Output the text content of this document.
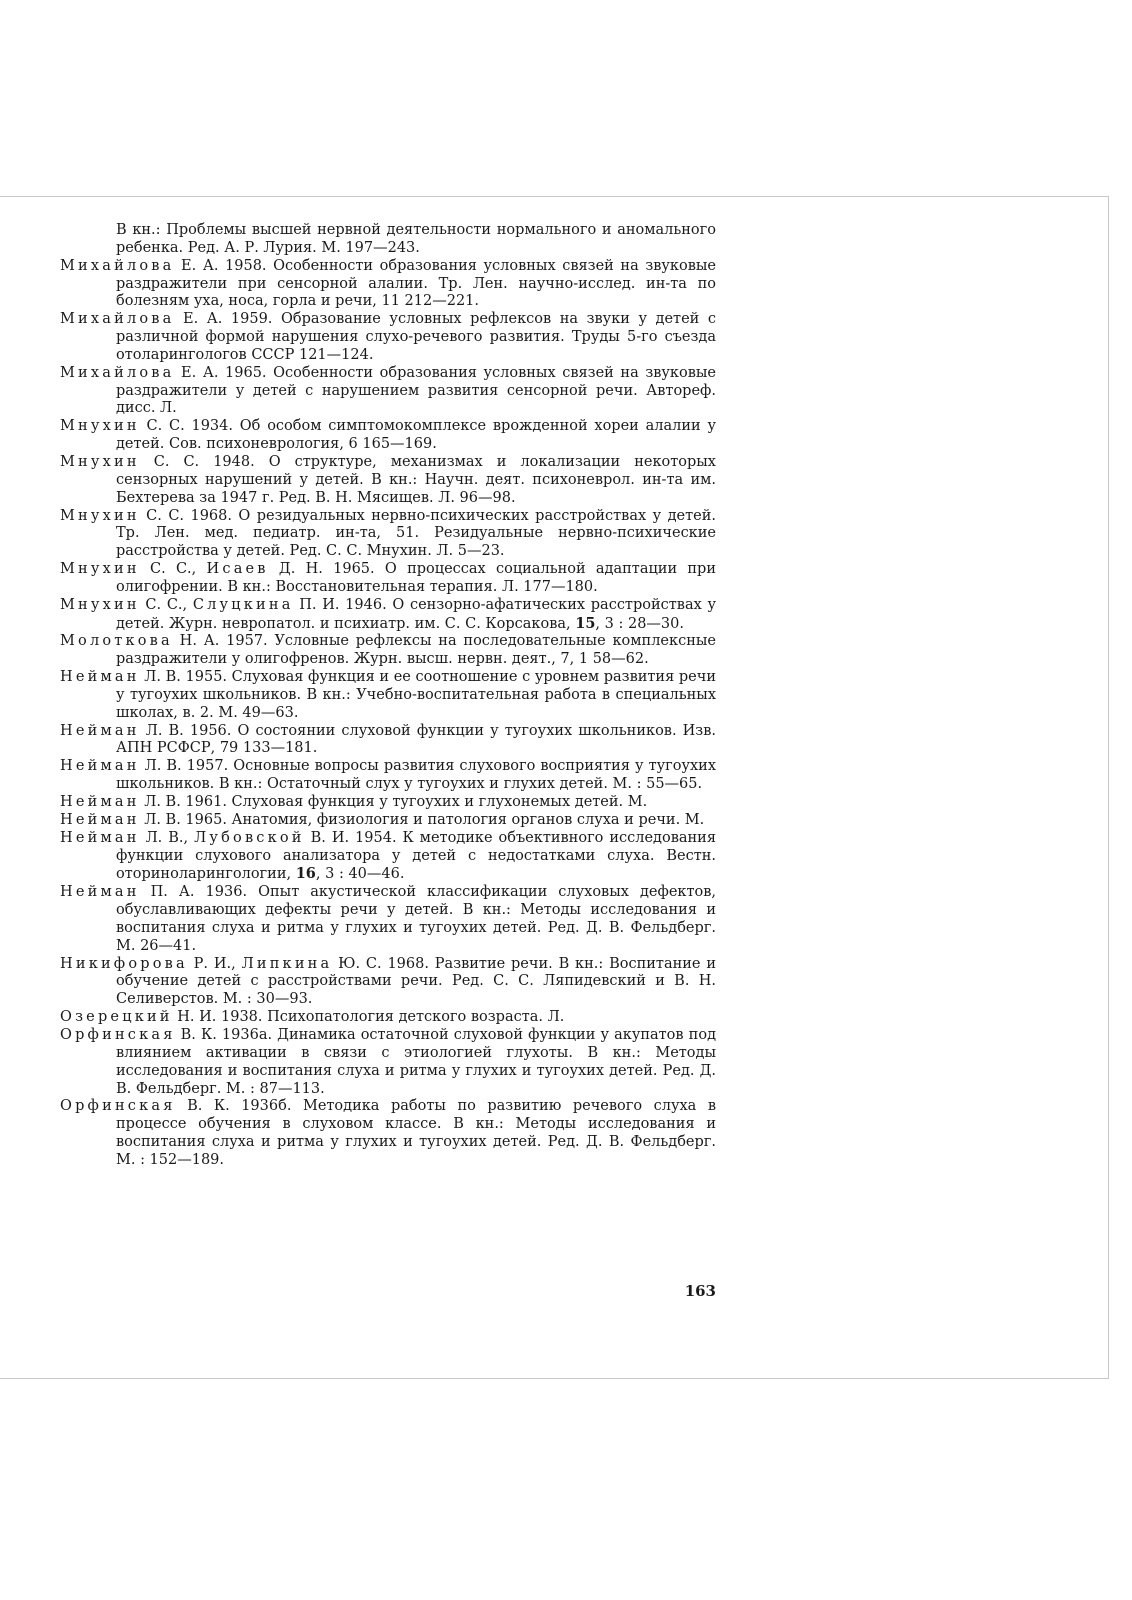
В кн.: Проблемы высшей нервной деятельности нормального и аномального ребенка. Ред. А. Р. Лурия. М. 197—243.

Михайлова Е. А. 1958. Особенности образования условных связей на звуковые раздражители при сенсорной алалии. Тр. Лен. научно-исслед. ин-та по болезням уха, носа, горла и речи, 11 212—221.

Михайлова Е. А. 1959. Образование условных рефлексов на звуки у детей с различной формой нарушения слухо-речевого развития. Труды 5-го съезда отоларингологов СССР 121—124.

Михайлова Е. А. 1965. Особенности образования условных связей на звуковые раздражители у детей с нарушением развития сенсорной речи. Автореф. дисс. Л.

Мнухин С. С. 1934. Об особом симптомокомплексе врожденной хореи алалии у детей. Сов. психоневрология, 6 165—169.

Мнухин С. С. 1948. О структуре, механизмах и локализации некоторых сензорных нарушений у детей. В кн.: Научн. деят. психоневрол. ин-та им. Бехтерева за 1947 г. Ред. В. Н. Мясищев. Л. 96—98.

Мнухин С. С. 1968. О резидуальных нервно-психических расстройствах у детей. Тр. Лен. мед. педиатр. ин-та, 51. Резидуальные нервно-психические расстройства у детей. Ред. С. С. Мнухин. Л. 5—23.

Мнухин С. С., Исаев Д. Н. 1965. О процессах социальной адаптации при олигофрении. В кн.: Восстановительная терапия. Л. 177—180.

Мнухин С. С., Слуцкина П. И. 1946. О сензорно-афатических расстройствах у детей. Журн. невропатол. и психиатр. им. С. С. Корсакова, 15, 3 : 28—30.

Молоткова Н. А. 1957. Условные рефлексы на последовательные комплексные раздражители у олигофренов. Журн. высш. нервн. деят., 7, 1 58—62.

Нейман Л. В. 1955. Слуховая функция и ее соотношение с уровнем развития речи у тугоухих школьников. В кн.: Учебно-воспитательная работа в специальных школах, в. 2. М. 49—63.

Нейман Л. В. 1956. О состоянии слуховой функции у тугоухих школьников. Изв. АПН РСФСР, 79 133—181.

Нейман Л. В. 1957. Основные вопросы развития слухового восприятия у тугоухих школьников. В кн.: Остаточный слух у тугоухих и глухих детей. М. : 55—65.

Нейман Л. В. 1961. Слуховая функция у тугоухих и глухонемых детей. М.

Нейман Л. В. 1965. Анатомия, физиология и патология органов слуха и речи. М.

Нейман Л. В., Лубовской В. И. 1954. К методике объективного исследования функции слухового анализатора у детей с недостатками слуха. Вестн. оториноларингологии, 16, 3 : 40—46.

Нейман П. А. 1936. Опыт акустической классификации слуховых дефектов, обуславливающих дефекты речи у детей. В кн.: Методы исследования и воспитания слуха и ритма у глухих и тугоухих детей. Ред. Д. В. Фельдберг. М. 26—41.

Никифорова Р. И., Липкина Ю. С. 1968. Развитие речи. В кн.: Воспитание и обучение детей с расстройствами речи. Ред. С. С. Ляпидевский и В. Н. Селиверстов. М. : 30—93.

Озерецкий Н. И. 1938. Психопатология детского возраста. Л.

Орфинская В. К. 1936а. Динамика остаточной слуховой функции у акупатов под влиянием активации в связи с этиологией глухоты. В кн.: Методы исследования и воспитания слуха и ритма у глухих и тугоухих детей. Ред. Д. В. Фельдберг. М. : 87—113.

Орфинская В. К. 1936б. Методика работы по развитию речевого слуха в процессе обучения в слуховом классе. В кн.: Методы исследования и воспитания слуха и ритма у глухих и тугоухих детей. Ред. Д. В. Фельдберг. М. : 152—189.

163
